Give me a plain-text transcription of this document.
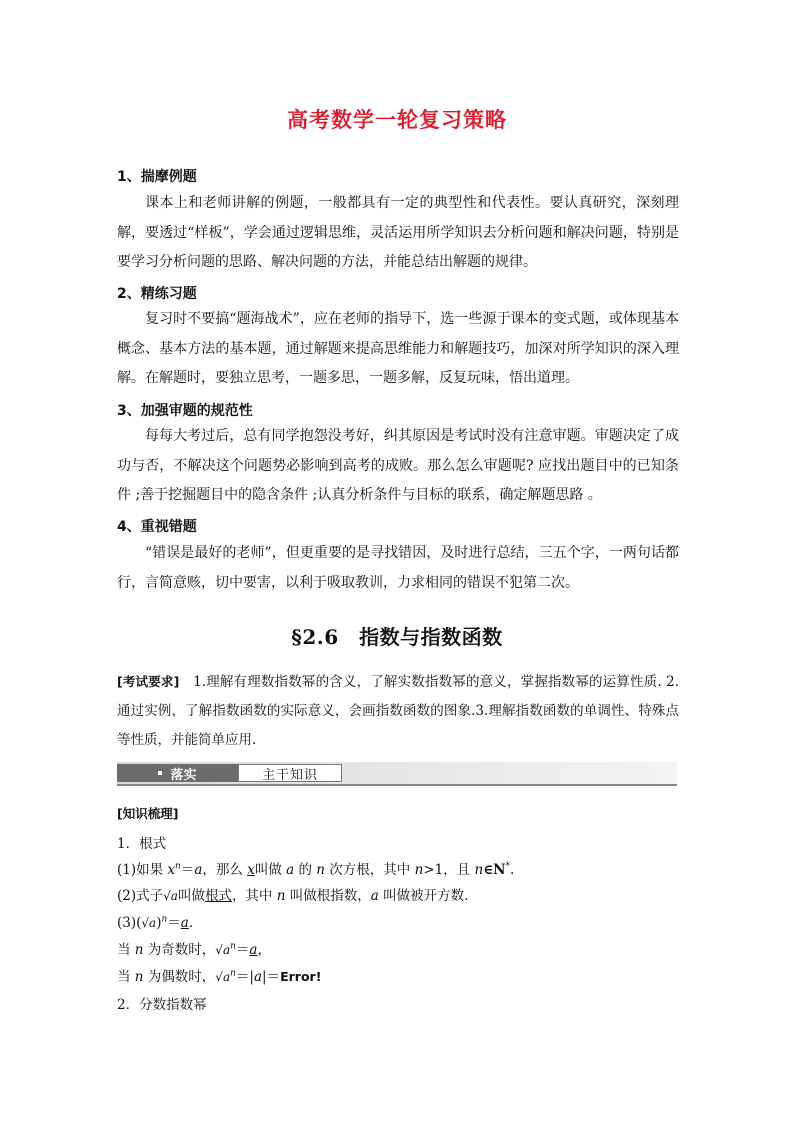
高考数学一轮复习策略
1、揣摩例题
课本上和老师讲解的例题，一般都具有一定的典型性和代表性。要认真研究，深刻理解，要透过“样板”，学会通过逻辑思维，灵活运用所学知识去分析问题和解决问题，特别是要学习分析问题的思路、解决问题的方法，并能总结出解题的规律。
2、精练习题
复习时不要搞“题海战术”，应在老师的指导下，选一些源于课本的变式题，或体现基本概念、基本方法的基本题，通过解题来提高思维能力和解题技巧，加深对所学知识的深入理解。在解题时，要独立思考，一题多思，一题多解，反复玩味，悟出道理。
3、加强审题的规范性
每每大考过后，总有同学抱怨没考好，纠其原因是考试时没有注意审题。审题决定了成功与否，不解决这个问题势必影响到高考的成败。那么怎么审题呢? 应找出题目中的已知条件 ;善于挖掘题目中的隐含条件 ;认真分析条件与目标的联系，确定解题思路 。
4、重视错题
“错误是最好的老师”，但更重要的是寻找错因，及时进行总结，三五个字，一两句话都行，言简意赅，切中要害，以利于吸取教训，力求相同的错误不犯第二次。
§2.6　指数与指数函数
[考试要求]　1.理解有理数指数幂的含义，了解实数指数幂的意义，掌握指数幂的运算性质. 2.通过实例，了解指数函数的实际意义，会画指数函数的图象.3.理解指数函数的单调性、特殊点等性质，并能简单应用.
落实	主干知识
[知识梳理]
1．根式
(1)如果 $x^n=a$，那么 x叫做 a 的 n 次方根，其中 n>1，且 n∈N*.
(2)式子√a叫做根式，其中 n 叫做根指数，a 叫做被开方数.
$(3)(√a)^n=a$.
当 n 为奇数时，$√a^n=a$，
当 n 为偶数时，$√a^n=|a|=Error$!
2．分数指数幂
